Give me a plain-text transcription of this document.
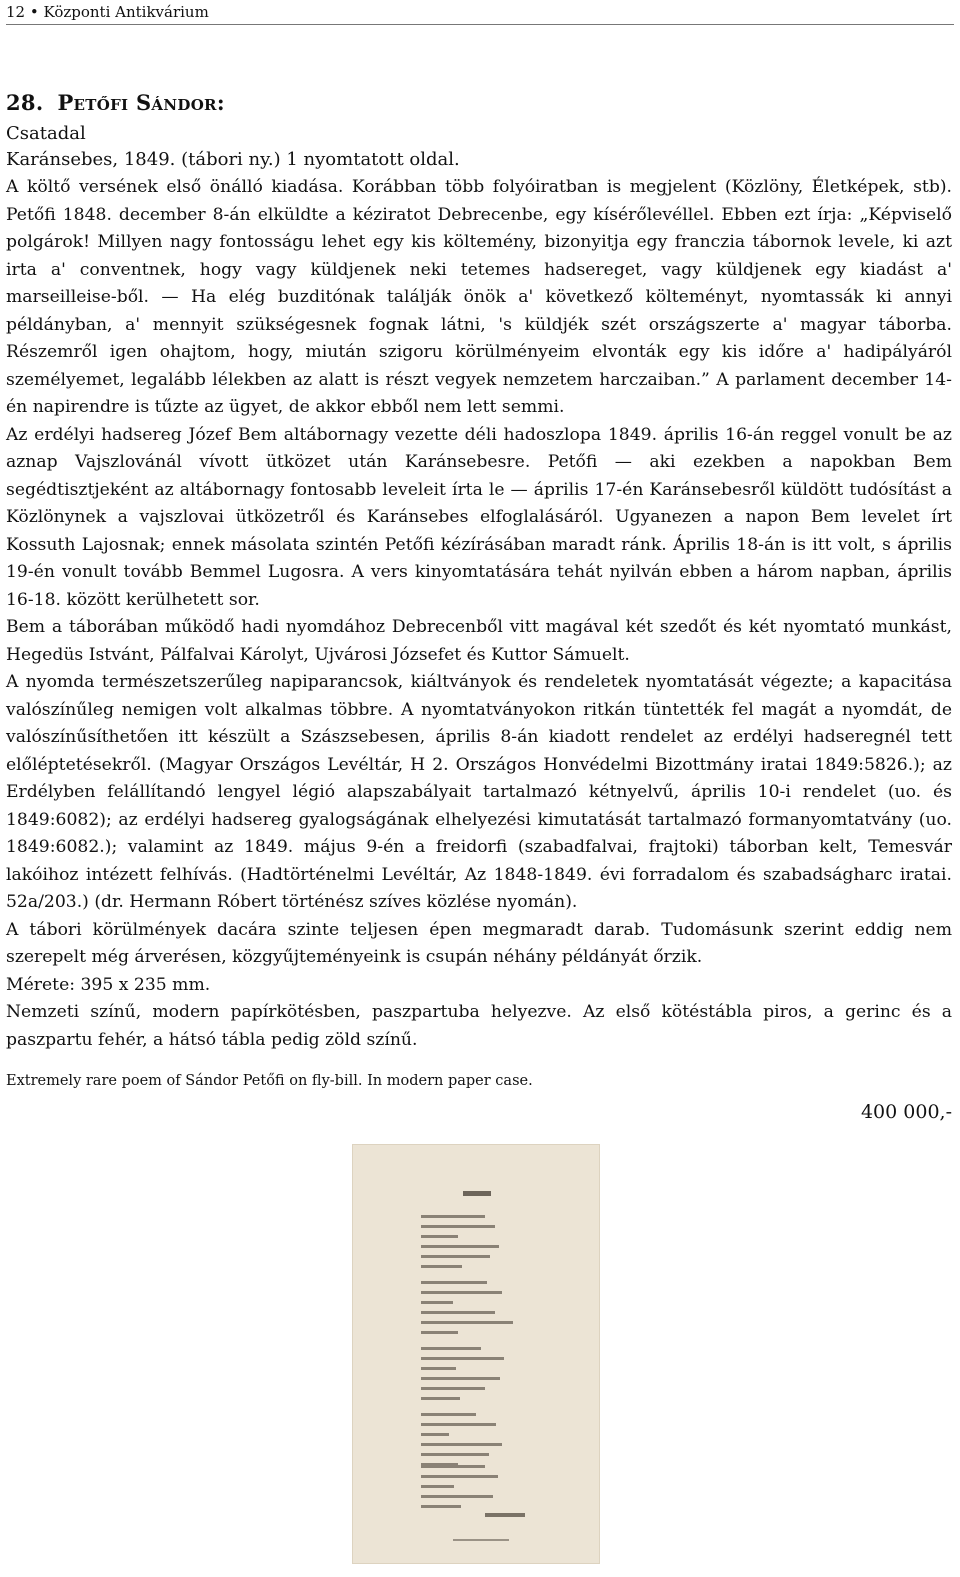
12 • Központi Antikvárium
28. Petőfi Sándor:
Csatadal
Karánsebes, 1849. (tábori ny.) 1 nyomtatott oldal.

A költő versének első önálló kiadása. Korábban több folyóiratban is megjelent (Közlöny, Életképek, stb). Petőfi 1848. december 8-án elküldte a kéziratot Debrecenbe, egy kísérőlevéllel. Ebben ezt írja: „Képviselő polgárok! Millyen nagy fontosságu lehet egy kis költemény, bizonyitja egy franczia tábornok levele, ki azt irta a' conventnek, hogy vagy küldjenek neki tetemes hadsereget, vagy küldjenek egy kiadást a' marseilleise-ből. — Ha elég buzditónak találják önök a' következő költeményt, nyomtassák ki annyi példányban, a' mennyit szükségesnek fognak látni, 's küldjék szét országszerte a' magyar táborba. Részemről igen ohajtom, hogy, miután szigoru körülményeim elvonták egy kis időre a' hadipályáról személyemet, legalább lélekben az alatt is részt vegyek nemzetem harczaiban.” A parlament december 14-én napirendre is tűzte az ügyet, de akkor ebből nem lett semmi.

Az erdélyi hadsereg Józef Bem altábornagy vezette déli hadoszlopa 1849. április 16-án reggel vonult be az aznap Vajszlovánál vívott ütközet után Karánsebesre. Petőfi — aki ezekben a napokban Bem segédtisztjeként az altábornagy fontosabb leveleit írta le — április 17-én Karánsebesről küldött tudósítást a Közlönynek a vajszlovai ütközetről és Karánsebes elfoglalásáról. Ugyanezen a napon Bem levelet írt Kossuth Lajosnak; ennek másolata szintén Petőfi kézírásában maradt ránk. Április 18-án is itt volt, s április 19-én vonult tovább Bemmel Lugosra. A vers kinyomtatására tehát nyilván ebben a három napban, április 16-18. között kerülhetett sor.

Bem a táborában működő hadi nyomdához Debrecenből vitt magával két szedőt és két nyomtató munkást, Hegedüs Istvánt, Pálfalvai Károlyt, Ujvárosi Józsefet és Kuttor Sámuelt.

A nyomda természetszerűleg napiparancsok, kiáltványok és rendeletek nyomtatását végezte; a kapacitása valószínűleg nemigen volt alkalmas többre. A nyomtatványokon ritkán tüntették fel magát a nyomdát, de valószínűsíthetően itt készült a Szászsebesen, április 8-án kiadott rendelet az erdélyi hadseregnél tett előléptetésekről. (Magyar Országos Levéltár, H 2. Országos Honvédelmi Bizottmány iratai 1849:5826.); az Erdélyben felállítandó lengyel légió alapszabályait tartalmazó kétnyelvű, április 10-i rendelet (uo. és 1849:6082); az erdélyi hadsereg gyalogságának elhelyezési kimutatását tartalmazó formanyomtatvány (uo. 1849:6082.); valamint az 1849. május 9-én a freidorfi (szabadfalvai, frajtoki) táborban kelt, Temesvár lakóihoz intézett felhívás. (Hadtörténelmi Levéltár, Az 1848-1849. évi forradalom és szabadságharc iratai. 52a/203.) (dr. Hermann Róbert történész szíves közlése nyomán).

A tábori körülmények dacára szinte teljesen épen megmaradt darab. Tudomásunk szerint eddig nem szerepelt még árverésen, közgyűjteményeink is csupán néhány példányát őrzik.

Mérete: 395 x 235 mm.

Nemzeti színű, modern papírkötésben, paszpartuba helyezve. Az első kötéstábla piros, a gerinc és a paszpartu fehér, a hátsó tábla pedig zöld színű.

Extremely rare poem of Sándor Petőfi on fly-bill. In modern paper case.
400 000,-
